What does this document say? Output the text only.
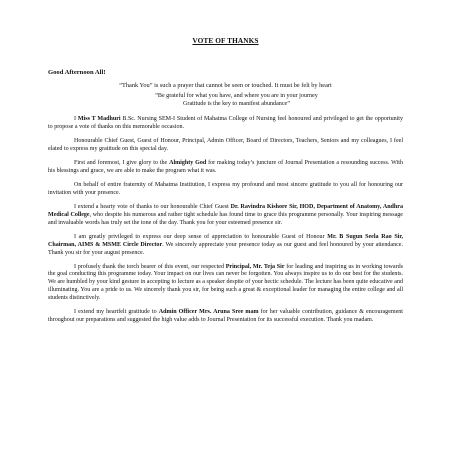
VOTE OF THANKS
Good Afternoon All!
“Thank You” is such a prayer that cannot be seen or touched. It must be felt by heart
“Be grateful for what you have, and where you are in your journey
Gratitude is the key to manifest abundance”

I Miss T Madhuri B.Sc. Nursing SEM-I Student of Mahatma College of Nursing feel honoured and privileged to get the opportunity to propose a vote of thanks on this memorable occasion.

Honourable Chief Guest, Guest of Honour, Principal, Admin Officer, Board of Directors, Teachers, Seniors and my colleagues, I feel elated to express my gratitude on this special day.

First and foremost, I give glory to the Almighty God for making today’s juncture of Journal Presentation a resounding success. With his blessings and grace, we are able to make the program what it was.

On behalf of entire fraternity of Mahatma Institution, I express my profound and most sincere gratitude to you all for honouring our invitation with your presence.

I extend a hearty vote of thanks to our honourable Chief Guest Dr. Ravindra Kishore Sir, HOD, Department of Anatomy, Andhra Medical College, who despite his numerous and rather tight schedule has found time to grace this programme personally. Your inspiring message and invaluable words has truly set the tone of the day. Thank you for your esteemed presence sir.

I am greatly privileged to express our deep sense of appreciation to honourable Guest of Honour Mr. B Sugun Seela Rao Sir, Chairman, AIMS & MSME Circle Director. We sincerely appreciate your presence today as our guest and feel honoured by your attendance. Thank you sir for your august presence.

I profusely thank the torch bearer of this event, our respected Principal, Mr. Teja Sir for leading and inspiring us in working towards the goal conducting this programme today. Your impact on our lives can never be forgotten. You always inspire us to do our best for the students. We are humbled by your kind gesture in accepting to lecture as a speaker despite of your hectic schedule. The lecture has been quite educative and illuminating. You are a pride to us. We sincerely thank you sir, for being such a great & exceptional leader for managing the entire college and all students distinctively.

I extend my heartfelt gratitude to Admin Officer Mrs. Aruna Sree mam for her valuable contribution, guidance & encouragement throughout our preparations and suggested the high value adds to Journal Presentation for its successful execution. Thank you madam.
